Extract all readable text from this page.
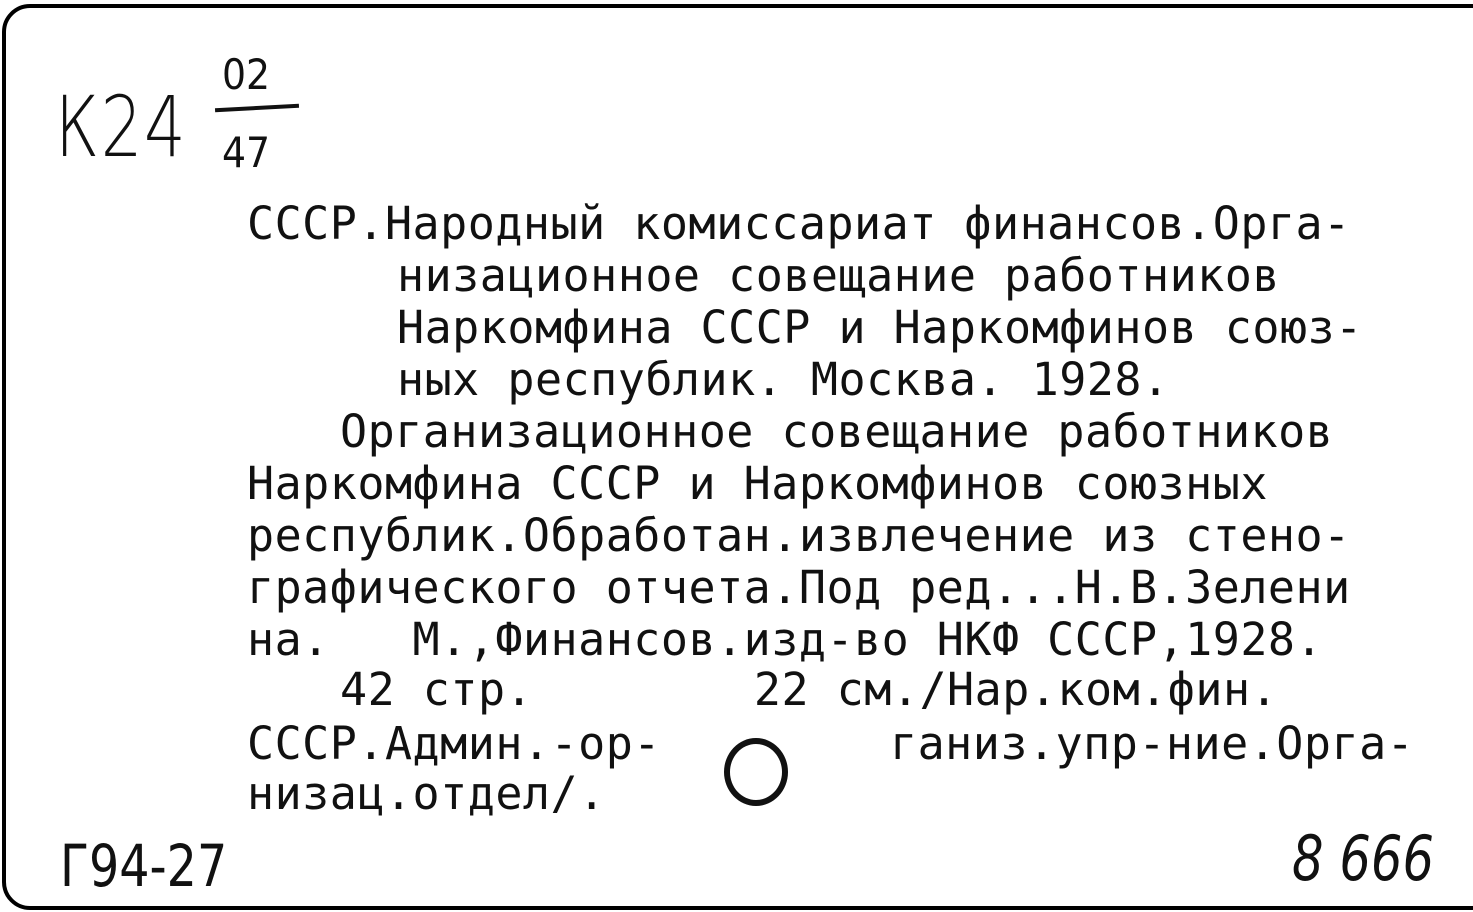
К24
02
47
СССР.Народный комиссариат финансов.Орга-
низационное совещание работников
Наркомфина СССР и Наркомфинов союз-
ных республик. Москва. 1928.
Организационное совещание работников
Наркомфина СССР и Наркомфинов союзных
республик.Обработан.извлечение из стено-
графического отчета.Под ред...Н.В.Зелени
на.   М.,Финансов.изд-во НКФ СССР,1928.
42 стр.        22 см./Нар.ком.фин.
СССР.Админ.-ор-	ганиз.упр-ние.Орга-
низац.отдел/.
Г94-27	8 666
